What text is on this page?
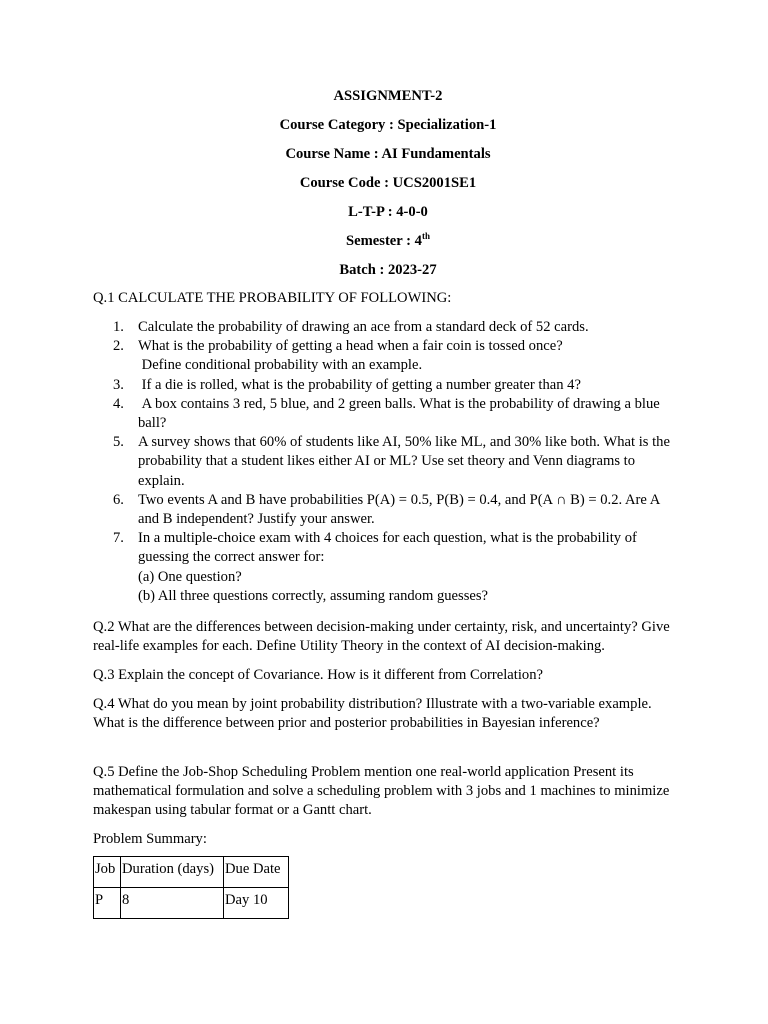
ASSIGNMENT-2
Course Category : Specialization-1
Course Name : AI Fundamentals
Course Code : UCS2001SE1
L-T-P : 4-0-0
Semester : 4th
Batch : 2023-27
Q.1 CALCULATE THE PROBABILITY OF FOLLOWING:
1. Calculate the probability of drawing an ace from a standard deck of 52 cards.
2. What is the probability of getting a head when a fair coin is tossed once?
Define conditional probability with an example.
3. If a die is rolled, what is the probability of getting a number greater than 4?
4. A box contains 3 red, 5 blue, and 2 green balls. What is the probability of drawing a blue ball?
5. A survey shows that 60% of students like AI, 50% like ML, and 30% like both. What is the probability that a student likes either AI or ML? Use set theory and Venn diagrams to explain.
6. Two events A and B have probabilities P(A) = 0.5, P(B) = 0.4, and P(A ∩ B) = 0.2. Are A and B independent? Justify your answer.
7. In a multiple-choice exam with 4 choices for each question, what is the probability of guessing the correct answer for:
(a) One question?
(b) All three questions correctly, assuming random guesses?
Q.2 What are the differences between decision-making under certainty, risk, and uncertainty? Give real-life examples for each. Define Utility Theory in the context of AI decision-making.
Q.3 Explain the concept of Covariance. How is it different from Correlation?
Q.4 What do you mean by joint probability distribution? Illustrate with a two-variable example. What is the difference between prior and posterior probabilities in Bayesian inference?
Q.5 Define the Job-Shop Scheduling Problem mention one real-world application Present its mathematical formulation and solve a scheduling problem with 3 jobs and 1 machines to minimize makespan using tabular format or a Gantt chart.
Problem Summary:
Job	Duration (days)	Due Date
P	8	Day 10
